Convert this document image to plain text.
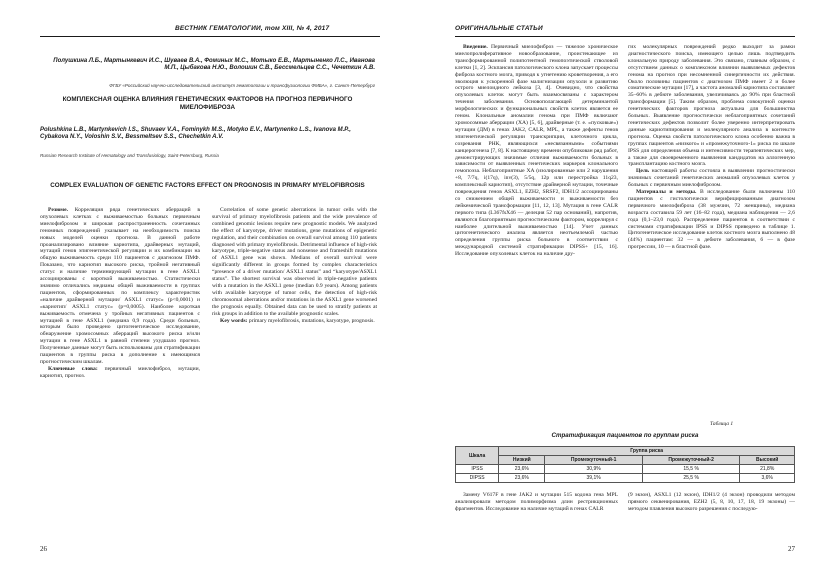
ВЕСТНИК ГЕМАТОЛОГИИ, том XIII, № 4, 2017
Полушкина Л.Б., Мартынкевич И.С., Шуваев В.А., Фоминых М.С., Мотыко Е.В., Мартыненко Л.С., Иванова М.П., Цыбакова Н.Ю., Волошин С.В., Бессмельцев С.С., Чечеткин А.В.
ФГБУ «Российский научно-исследовательский институт гематологии и трансфузиологии ФМБА», г. Санкт-Петербург
КОМПЛЕКСНАЯ ОЦЕНКА ВЛИЯНИЯ ГЕНЕТИЧЕСКИХ ФАКТОРОВ НА ПРОГНОЗ ПЕРВИЧНОГО МИЕЛОФИБРОЗА
Polushkina L.B., Martynkevich I.S., Shuvaev V.A., Fominykh M.S., Motyko E.V., Martynenko L.S., Ivanova M.P., Cybakova N.Y., Voloshin S.V., Bessmeltsev S.S., Chechetkin A.V.
Russian Research Institute of Hematology and Transfusiology, Saint-Petersburg, Russia
COMPLEX EVALUATION OF GENETIC FACTORS EFFECT ON PROGNOSIS IN PRIMARY MYELOFIBROSIS

Резюме. Корреляция ряда генетических аберраций в опухолевых клетках с выживаемостью больных первичным миелофиброзом и широкая распространенность сочетанных геномных повреждений указывает на необходимость поиска новых моделей оценки прогноза. В данной работе проанализировано влияние кариотипа, драйверных мутаций, мутаций генов эпигенетической регуляции и их комбинации на общую выживаемость среди 110 пациентов с диагнозом ПМФ. Показано, что кариотип высокого риска, тройной негативный статус и наличие терминирующей мутации в гене ASXL1 ассоциированы с короткой выживаемостью. Статистически значимо отличались медианы общей выживаемости в группах пациентов, сформированных по комплексу характеристик «наличие драйверной мутации/ ASXL1 статус» (p<0,0001) и «кариотип/ ASXL1 статус» (p=0,0005). Наиболее короткая выживаемость отмечена у тройных негативных пациентов с мутацией в гене ASXL1 (медиана 0,9 года). Среди больных, которым было проведено цитогенетическое исследование, обнаружение хромосомных аберраций высокого риска и/или мутации в гене ASXL1 в равной степени ухудшало прогноз. Полученные данные могут быть использованы для стратификации пациентов в группы риска в дополнение к имеющимся прогностическим шкалам.

Ключевые слова: первичный миелофиброз, мутации, кариотип, прогноз.

Correlation of some genetic aberrations in tumor cells with the survival of primary myelofibrosis patients and the wide prevalence of combined genomic lesions require new prognostic models. We analyzed the effect of karyotype, driver mutations, gene mutations of epigenetic regulation, and their combination on overall survival among 110 patients diagnosed with primary myelofibrosis. Detrimental influence of high-risk karyotype, triple-negative status and nonsense and frameshift mutations of ASXL1 gene was shown. Medians of overall survival were significantly different in groups formed by complex characteristics “presence of a driver mutation/ ASXL1 status” and “karyotype/ASXL1 status”. The shortest survival was observed in triple-negative patients with a mutation in the ASXL1 gene (median 0.9 years). Among patients with available karyotype of tumor cells, the detection of high-risk chromosomal aberrations and/or mutations in the ASXL1 gene worsened the prognosis equally. Obtained data can be used to stratify patients at risk groups in addition to the available prognostic scales.

Key words: primary myelofibrosis, mutations, karyotype, prognosis.

26
ОРИГИНАЛЬНЫЕ СТАТЬИ

Введение. Первичный миелофиброз — тяжелое хроническое миелопролиферативное новообразование, проистекающее из трансформированной полипотентной гемопоэтической стволовой клетки [1, 2]. Эскпансия патологического клона запускает процессы фиброза костного мозга, приводя к угнетению кроветворения, а его эволюция к ускоренной фазе малигнизации опухоли и развитию острого миелоидного лейкоза [3, 4]. Очевидно, что свойства опухолевых клеток могут быть взаимосвязаны с характером течения заболевания. Основополагающей детерминантой морфологических и функциональных свойств клеток является ее геном. Клональные аномалии генома при ПМФ включают хромосомные аберрации (ХА) [5, 6], драйверные (т. е. «пусковые») мутации (ДМ) в генах JAK2, CALR, MPL, а также дефекты генов эпигенетической регуляции транскрипции, клеточного цикла, созревания РНК, являющихся «несвязанными» событиями канцерогенеза [7, 8]. К настоящему времени опубликован ряд работ, демонстрирующих значимые отличия выживаемости больных в зависимости от выявленных генетических маркеров клонального гемопоэза. Неблагоприятные ХА (изолированные или 2 нарушения +8, 7/7q, i(17q), inv(3), 5/5q, 12p или перестройка 11q23, комплексный кариотип), отсутствие драйверной мутации, точечные повреждения генов ASXL1, EZH2, SRSF2, IDH1/2 ассоциированы со снижением общей выживаемости и выживаемости без лейкемической трансформации [11, 12, 13]. Мутация в гене CALR первого типа (L367fsX46 — делеция 52 пар оснований), напротив, являются благоприятным прогностическим фактором, коррелируя с наиболее длительной выживаемостью [14]. Учет данных цитогенетического анализа является неотъемлемой частью определения группы риска больного в соответствии с международной системой стратификации DIPSS+ [15, 16]. Исследование опухолевых клеток на наличие дру-

гих молекулярных повреждений редко выходит за рамки диагностического поиска, имеющего целью лишь подтвердить клональную природу заболевания. Это связано, главным образом, с отсутствием данных о комплексном влиянии выявляемых дефектов генома на прогноз при несомненной синергичности их действия. Около половины пациентов с диагнозом ПМФ имеет 2 и более соматические мутации [17], а частота аномалий кариотипа составляет 35–60% в дебюте заболевания, увеличиваясь до 90% при бластной трансформации [5]. Таким образом, проблема совокупной оценки генетических факторов прогноза актуальна для большинства больных. Выявление прогностически неблагоприятных сочетаний генетических дефектов позволит более уверенно интерпретировать данные кариотипирования и молекулярного анализа в контексте прогноза. Оценка свойств патологического клона особенно важна в группах пациентов «низкого» и «промежуточного-1» риска по шкале IPSS для определения объема и интенсивности терапевтических мер, а также для своевременного выявления кандидатов на аллогенную трансплантацию костного мозга.

Цель настоящей работы состояла в выявлении прогностически значимых сочетаний генетических аномалий опухолевых клеток у больных с первичным миелофиброзом.

Материалы и методы. В исследование были включены 110 пациентов с гистологически верифицированным диагнозом первичного миелофиброза (38 мужчин, 72 женщины), медиана возраста составила 59 лет (16–82 года), медиана наблюдения — 2,6 года (0,1–23,0 года). Распределение пациентов в соответствии с системами стратификации IPSS и DIPSS приведено в таблице 1. Цитогенетическое исследование клеток костного мозга выполнено 48 (44%) пациентам: 32 — в дебюте заболевания, 6 — в фазе прогрессии, 10 — в бластной фазе.

Таблица 1
Стратификация пациентов по группам риска
Шкала	Группа риска			
	Низкий	Промежуточный-1	Промежуточный-2	Высокий
IPSS	23,6%	30,9%	15,5 %	21,8%
DIPSS	23,6%	39,1%	25,5 %	3,6%

Замену V617F в гене JAK2 и мутации 515 кодона гена MPL анализировали методом полиморфизма длин рестрикционных фрагментов. Исследование на наличие мутаций в генах CALR

(9 экзон), ASXL1 (12 экзон), IDH1/2 (4 экзон) проводили методом прямого секвенирования, EZH2 (5, 8, 10, 17, 18, 19 экзоны) — методом плавления высокого разрешения с последую-

27
